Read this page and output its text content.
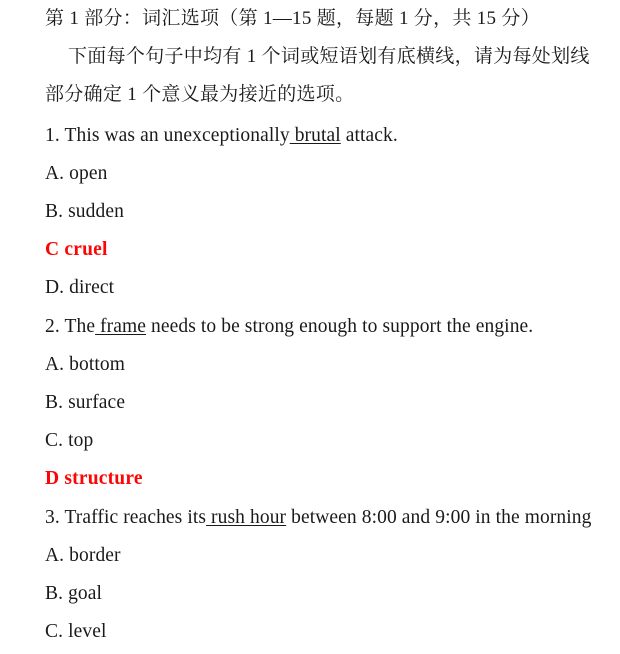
第 1 部分：词汇选项（第 1—15 题，每题 1 分，共 15 分）
下面每个句子中均有 1 个词或短语划有底横线，请为每处划线
部分确定 1 个意义最为接近的选项。
1. This was an unexceptionally brutal attack.
A. open
B. sudden
C cruel
D. direct
2. The frame needs to be strong enough to support the engine.
A. bottom
B. surface
C. top
D structure
3. Traffic reaches its rush hour between 8:00 and 9:00 in the morning
A. border
B. goal
C. level
